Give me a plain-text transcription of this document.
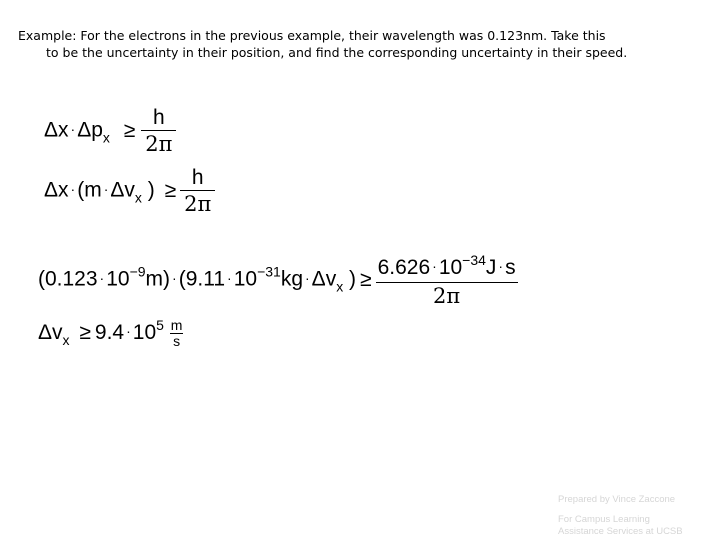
Example: For the electrons in the previous example, their wavelength was 0.123nm. Take this
to be the uncertainty in their position, and find the corresponding uncertainty in their speed.

$\Delta x \cdot\Delta p_x \ge \frac{h}{2\pi}$
$\Delta x \cdot(m \cdot\Delta v_x$ ) ≥ $\frac{h}{2\pi}$
$(0.123 \cdot 10^{-9}m) \cdot(9.11 \cdot 10^{-31}kg \cdot\Delta v_x$ ) ≥ $\frac{6.626 \cdot 10^{-34}J \cdot s}{2\pi}$
$\Delta v_x \ge 9.4 \cdot 10^5 \frac{m}{s}$
Prepared by Vince Zaccone
For Campus Learning
Assistance Services at UCSB
